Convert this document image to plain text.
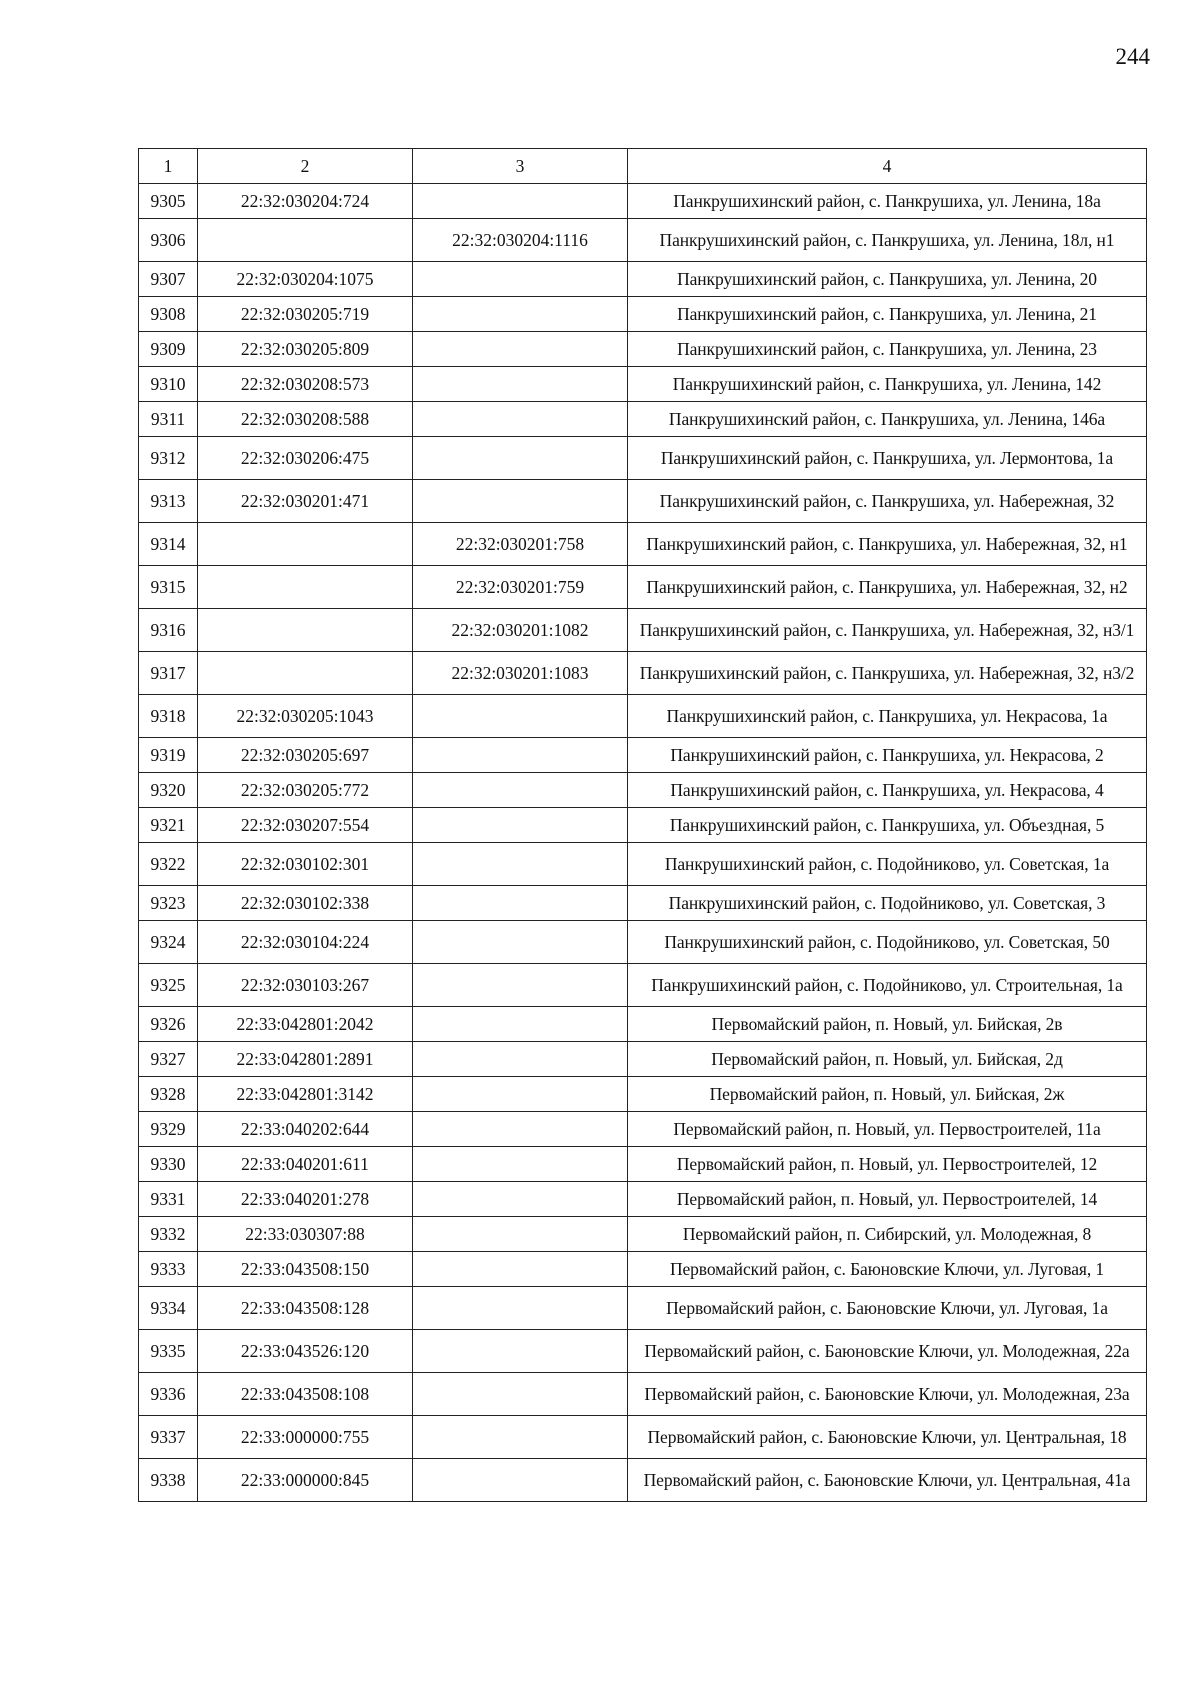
244
1	2	3	4
9305	22:32:030204:724		Панкрушихинский район, с. Панкрушиха, ул. Ленина, 18а
9306		22:32:030204:1116	Панкрушихинский район, с. Панкрушиха, ул. Ленина, 18л, н1
9307	22:32:030204:1075		Панкрушихинский район, с. Панкрушиха, ул. Ленина, 20
9308	22:32:030205:719		Панкрушихинский район, с. Панкрушиха, ул. Ленина, 21
9309	22:32:030205:809		Панкрушихинский район, с. Панкрушиха, ул. Ленина, 23
9310	22:32:030208:573		Панкрушихинский район, с. Панкрушиха, ул. Ленина, 142
9311	22:32:030208:588		Панкрушихинский район, с. Панкрушиха, ул. Ленина, 146а
9312	22:32:030206:475		Панкрушихинский район, с. Панкрушиха, ул. Лермонтова, 1а
9313	22:32:030201:471		Панкрушихинский район, с. Панкрушиха, ул. Набережная, 32
9314		22:32:030201:758	Панкрушихинский район, с. Панкрушиха, ул. Набережная, 32, н1
9315		22:32:030201:759	Панкрушихинский район, с. Панкрушиха, ул. Набережная, 32, н2
9316		22:32:030201:1082	Панкрушихинский район, с. Панкрушиха, ул. Набережная, 32, н3/1
9317		22:32:030201:1083	Панкрушихинский район, с. Панкрушиха, ул. Набережная, 32, н3/2
9318	22:32:030205:1043		Панкрушихинский район, с. Панкрушиха, ул. Некрасова, 1а
9319	22:32:030205:697		Панкрушихинский район, с. Панкрушиха, ул. Некрасова, 2
9320	22:32:030205:772		Панкрушихинский район, с. Панкрушиха, ул. Некрасова, 4
9321	22:32:030207:554		Панкрушихинский район, с. Панкрушиха, ул. Объездная, 5
9322	22:32:030102:301		Панкрушихинский район, с. Подойниково, ул. Советская, 1а
9323	22:32:030102:338		Панкрушихинский район, с. Подойниково, ул. Советская, 3
9324	22:32:030104:224		Панкрушихинский район, с. Подойниково, ул. Советская, 50
9325	22:32:030103:267		Панкрушихинский район, с. Подойниково, ул. Строительная, 1а
9326	22:33:042801:2042		Первомайский район, п. Новый, ул. Бийская, 2в
9327	22:33:042801:2891		Первомайский район, п. Новый, ул. Бийская, 2д
9328	22:33:042801:3142		Первомайский район, п. Новый, ул. Бийская, 2ж
9329	22:33:040202:644		Первомайский район, п. Новый, ул. Первостроителей, 11а
9330	22:33:040201:611		Первомайский район, п. Новый, ул. Первостроителей, 12
9331	22:33:040201:278		Первомайский район, п. Новый, ул. Первостроителей, 14
9332	22:33:030307:88		Первомайский район, п. Сибирский, ул. Молодежная, 8
9333	22:33:043508:150		Первомайский район, с. Баюновские Ключи, ул. Луговая, 1
9334	22:33:043508:128		Первомайский район, с. Баюновские Ключи, ул. Луговая, 1а
9335	22:33:043526:120		Первомайский район, с. Баюновские Ключи, ул. Молодежная, 22а
9336	22:33:043508:108		Первомайский район, с. Баюновские Ключи, ул. Молодежная, 23а
9337	22:33:000000:755		Первомайский район, с. Баюновские Ключи, ул. Центральная, 18
9338	22:33:000000:845		Первомайский район, с. Баюновские Ключи, ул. Центральная, 41а
